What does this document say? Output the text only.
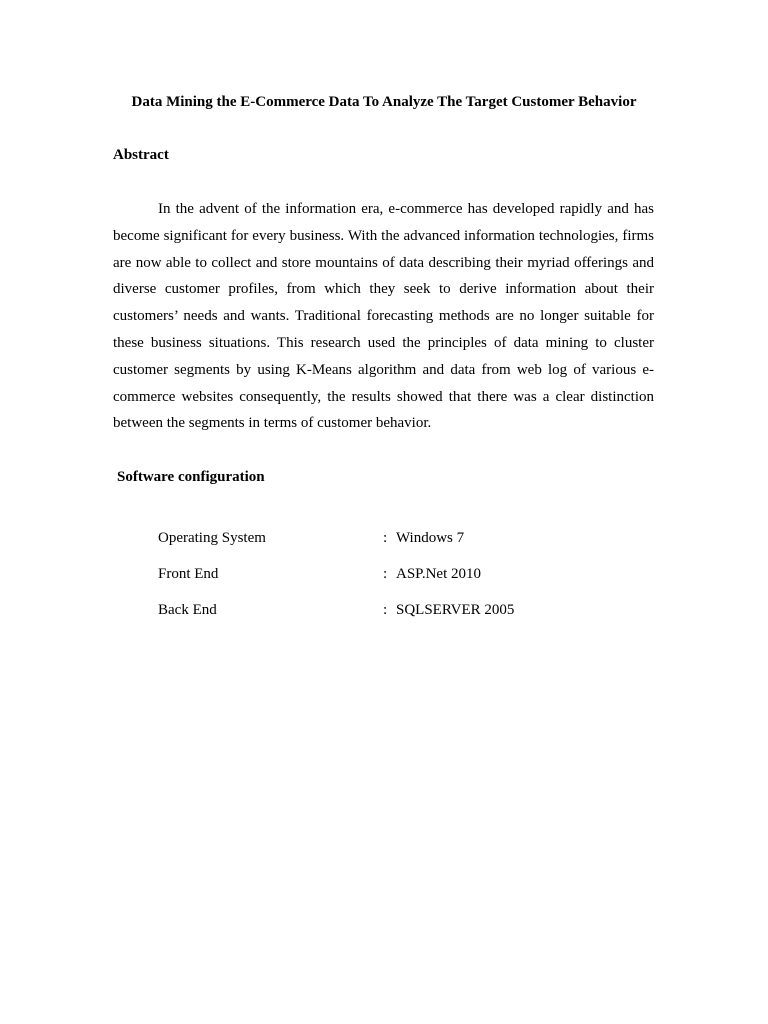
Data Mining the E-Commerce Data To Analyze The Target Customer Behavior
Abstract

In the advent of the information era, e-commerce has developed rapidly and has become significant for every business. With the advanced information technologies, firms are now able to collect and store mountains of data describing their myriad offerings and diverse customer profiles, from which they seek to derive information about their customers’ needs and wants. Traditional forecasting methods are no longer suitable for these business situations. This research used the principles of data mining to cluster customer segments by using K-Means algorithm and data from web log of various e-commerce websites consequently, the results showed that there was a clear distinction between the segments in terms of customer behavior.

Software configuration
Operating System	: Windows 7
Front End	: ASP.Net 2010
Back End	: SQLSERVER 2005
